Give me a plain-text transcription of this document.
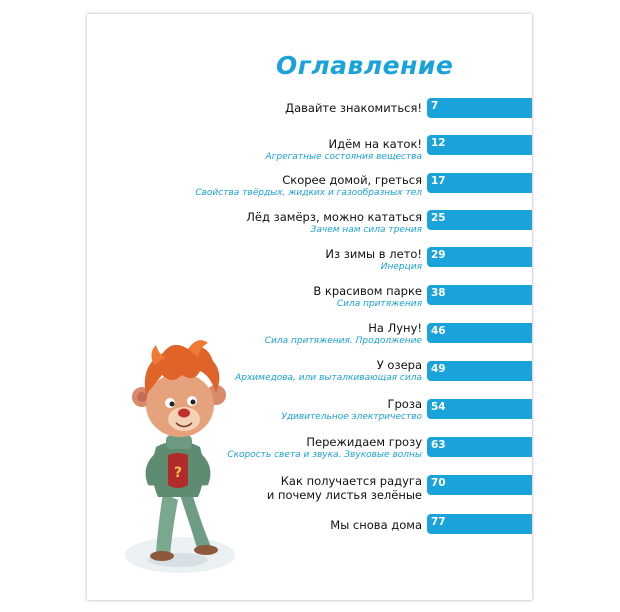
Оглавление
Давайте знакомиться! 7
Идём на каток!
Агрегатные состояния вещества
12
Скорее домой, греться
Свойства твёрдых, жидких и газообразных тел
17
Лёд замёрз, можно кататься
Зачем нам сила трения
25
Из зимы в лето!
Инерция
29
В красивом парке
Сила притяжения
38
На Луну!
Сила притяжения. Продолжение
46
У озера
Архимедова, или выталкивающая сила
49
Гроза
Удивительное электричество
54
Пережидаем грозу
Скорость света и звука. Звуковые волны
63
Как получается радуга
и почему листья зелёные
70
Мы снова дома 77
?
